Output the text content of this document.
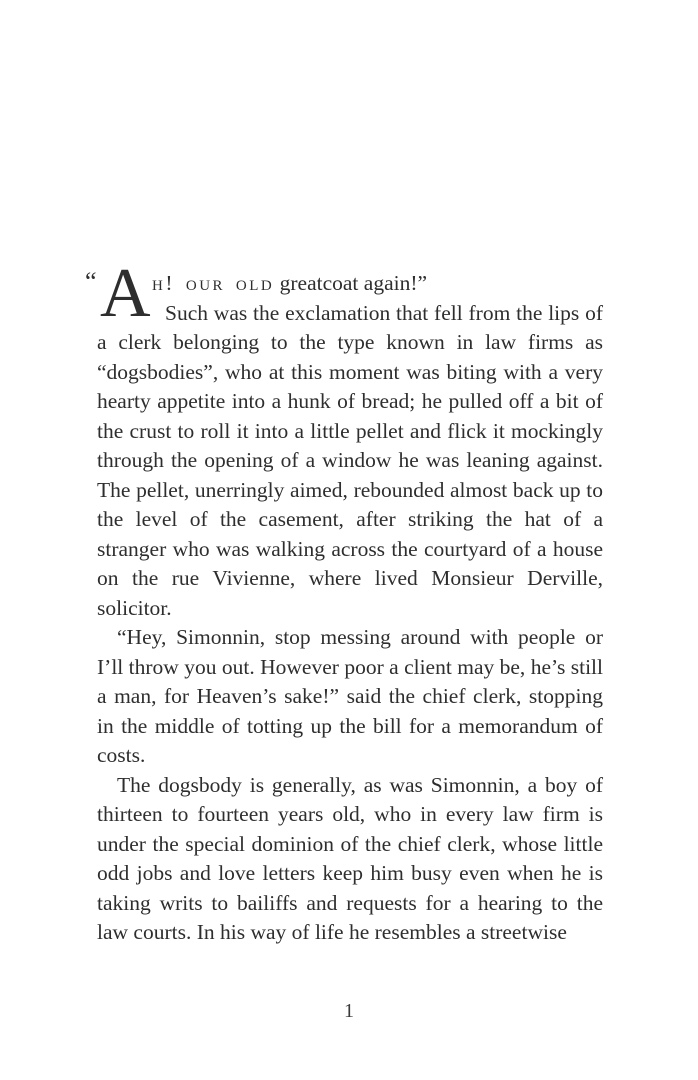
“ A h! our old greatcoat again!”

Such was the exclamation that fell from the lips of a clerk belonging to the type known in law firms as “dogsbodies”, who at this moment was biting with a very hearty appetite into a hunk of bread; he pulled off a bit of the crust to roll it into a little pellet and flick it mockingly through the opening of a window he was leaning against. The pellet, unerringly aimed, rebounded almost back up to the level of the casement, after striking the hat of a stranger who was walking across the courtyard of a house on the rue Vivienne, where lived Monsieur Derville, solicitor.

“Hey, Simonnin, stop messing around with people or I’ll throw you out. However poor a client may be, he’s still a man, for Heaven’s sake!” said the chief clerk, stopping in the middle of totting up the bill for a memorandum of costs.

The dogsbody is generally, as was Simonnin, a boy of thirteen to fourteen years old, who in every law firm is under the special dominion of the chief clerk, whose little odd jobs and love letters keep him busy even when he is taking writs to bailiffs and requests for a hearing to the law courts. In his way of life he resembles a streetwise

1
